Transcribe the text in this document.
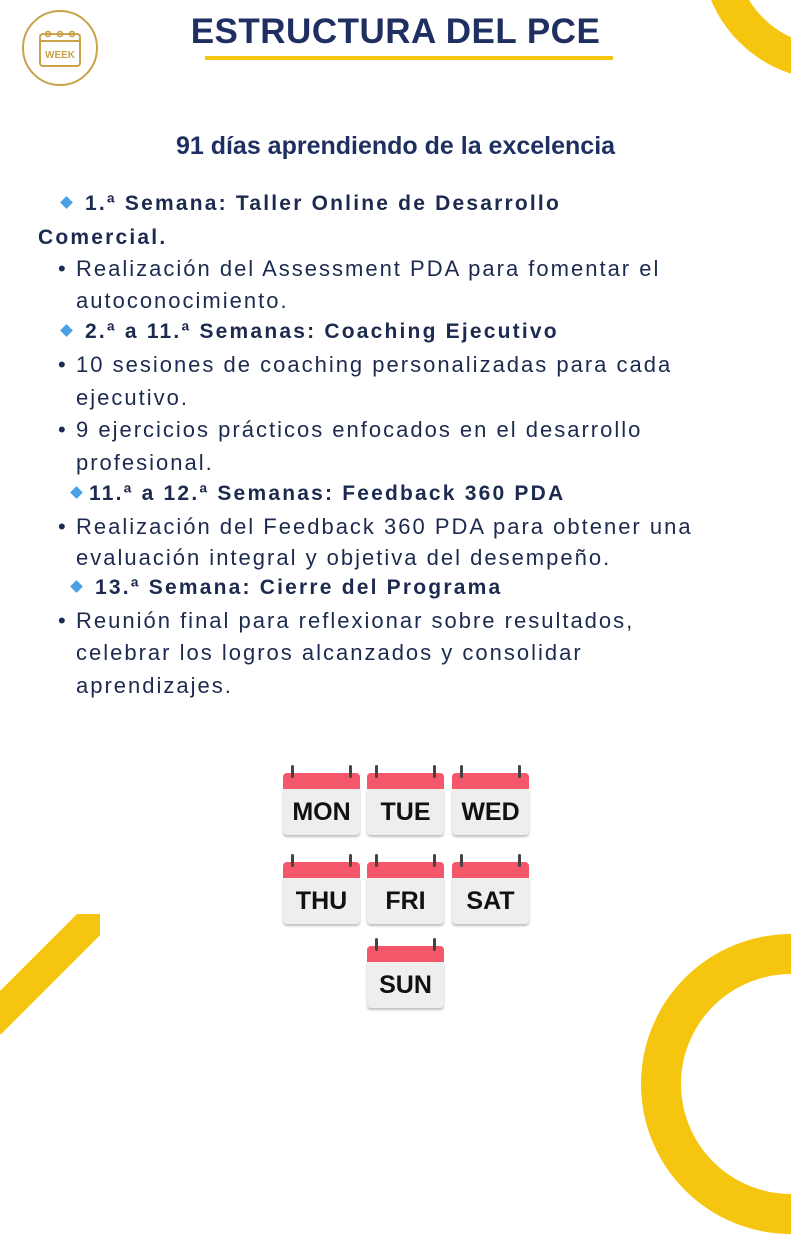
WEEK
ESTRUCTURA DEL PCE
91 días aprendiendo de la excelencia
1.ª Semana: Taller Online de Desarrollo
Comercial.
• Realización del Assessment PDA para fomentar el
autoconocimiento.
2.ª a 11.ª Semanas: Coaching Ejecutivo
• 10 sesiones de coaching personalizadas para cada
ejecutivo.
• 9 ejercicios prácticos enfocados en el desarrollo
profesional.
11.ª a 12.ª Semanas: Feedback 360 PDA
• Realización del Feedback 360 PDA para obtener una
evaluación integral y objetiva del desempeño.
13.ª Semana: Cierre del Programa
• Reunión final para reflexionar sobre resultados,
celebrar los logros alcanzados y consolidar
aprendizajes.
MON	TUE	WED
THU	FRI	SAT
SUN
